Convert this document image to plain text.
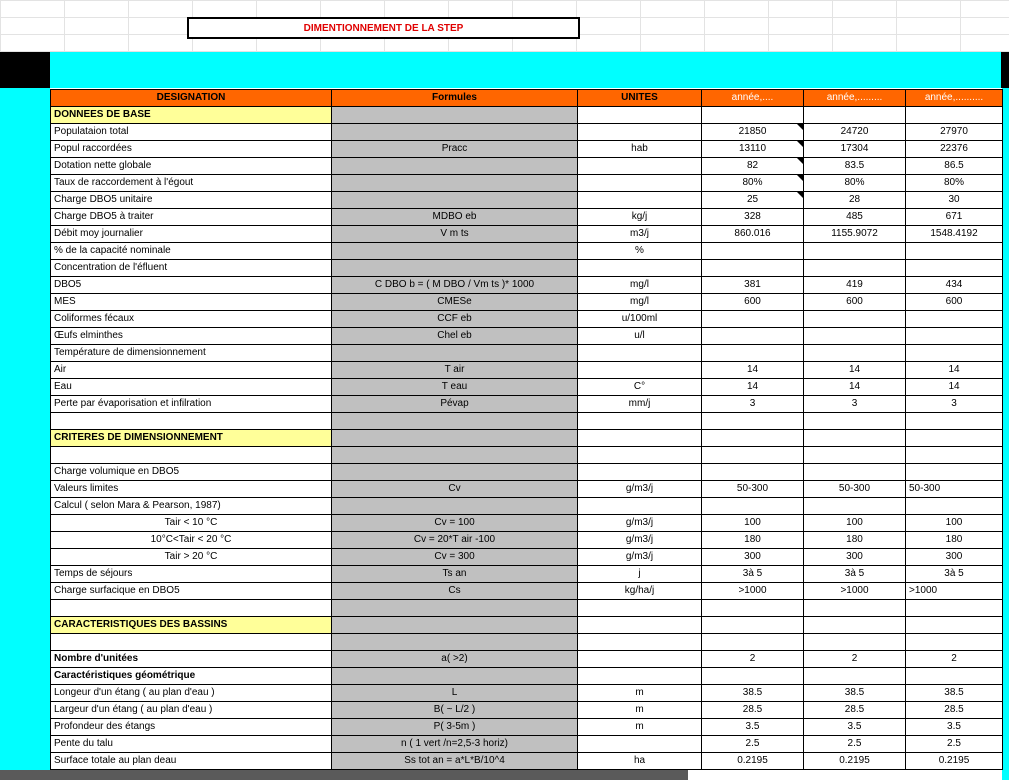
DIMENTIONNEMENT DE LA STEP
DESIGNATION	Formules	UNITES	année,....	année,.........	année,..........
DONNEES DE BASE					
Populataion total			21850	24720	27970
Popul raccordées	Pracc	hab	13110	17304	22376
Dotation nette globale			82	83.5	86.5
Taux de raccordement à l'égout			80%	80%	80%
Charge DBO5 unitaire			25	28	30
Charge DBO5 à traiter	MDBO eb	kg/j	328	485	671
Débit moy journalier	V m ts	m3/j	860.016	1155.9072	1548.4192
% de la capacité nominale		%			
Concentration de l'éfluent					
DBO5	C DBO b = ( M DBO / Vm ts )* 1000	mg/l	381	419	434
MES	CMESe	mg/l	600	600	600
Coliformes fécaux	CCF eb	u/100ml			
Œufs elminthes	Chel eb	u/l			
Température de dimensionnement					
Air	T air		14	14	14
Eau	T eau	C°	14	14	14
Perte par évaporisation et infilration	Pévap	mm/j	3	3	3

CRITERES DE DIMENSIONNEMENT					

Charge volumique en DBO5					
Valeurs limites	Cv	g/m3/j	50-300	50-300	50-300
Calcul ( selon Mara & Pearson, 1987)					
Tair < 10 °C	Cv = 100	g/m3/j	100	100	100
10°C<Tair < 20 °C	Cv = 20*T air -100	g/m3/j	180	180	180
Tair > 20 °C	Cv = 300	g/m3/j	300	300	300
Temps de séjours	Ts an	j	3à 5	3à 5	3à 5
Charge surfacique en DBO5	Cs	kg/ha/j	>1000	>1000	>1000

CARACTERISTIQUES DES BASSINS					

Nombre d'unitées	a( >2)		2	2	2
Caractéristiques géométrique					
Longeur d'un étang ( au plan d'eau )	L	m	38.5	38.5	38.5
Largeur d'un étang ( au plan d'eau )	B( ~ L/2 )	m	28.5	28.5	28.5
Profondeur des étangs	P( 3-5m )	m	3.5	3.5	3.5
Pente du talu	n ( 1 vert /n=2,5-3 horiz)		2.5	2.5	2.5
Surface totale au plan deau	Ss tot an = a*L*B/10^4	ha	0.2195	0.2195	0.2195
